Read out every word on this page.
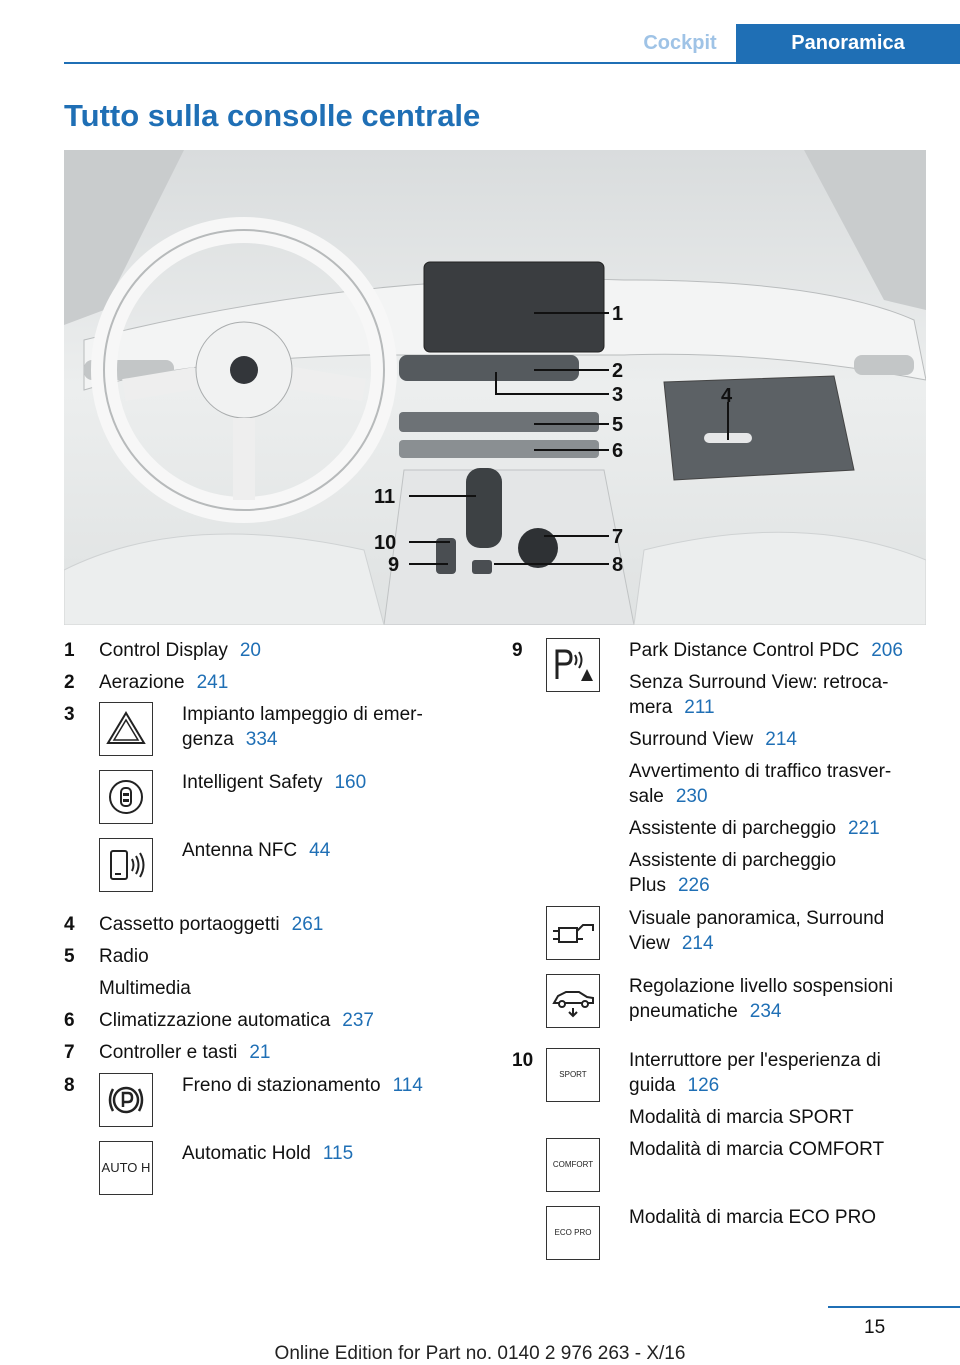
Cockpit	Panoramica
Tutto sulla consolle centrale
1
2
3	4
5
6
7
8
9
10
11
1 Control Display 20
2 Aerazione 241
3	Impianto lampeggio di emer-
genza 334
Intelligent Safety 160
Antenna NFC 44
4 Cassetto portaoggetti 261
5 Radio
Multimedia
6 Climatizzazione automatica 237
7 Controller e tasti 21
8	Freno di stazionamento 114
AUTO H
Automatic Hold 115
9	Park Distance Control PDC 206
Senza Surround View: retroca-
mera 211
Surround View 214
Avvertimento di traffico trasver-
sale 230
Assistente di parcheggio 221
Assistente di parcheggio
Plus 226
Visuale panoramica, Surround
View 214
Regolazione livello sospensioni
pneumatiche 234
10
SPORT
Interruttore per l'esperienza di
guida 126
Modalità di marcia SPORT
COMFORT
Modalità di marcia COMFORT
ECO PRO
Modalità di marcia ECO PRO
15
Online Edition for Part no. 0140 2 976 263 - X/16
